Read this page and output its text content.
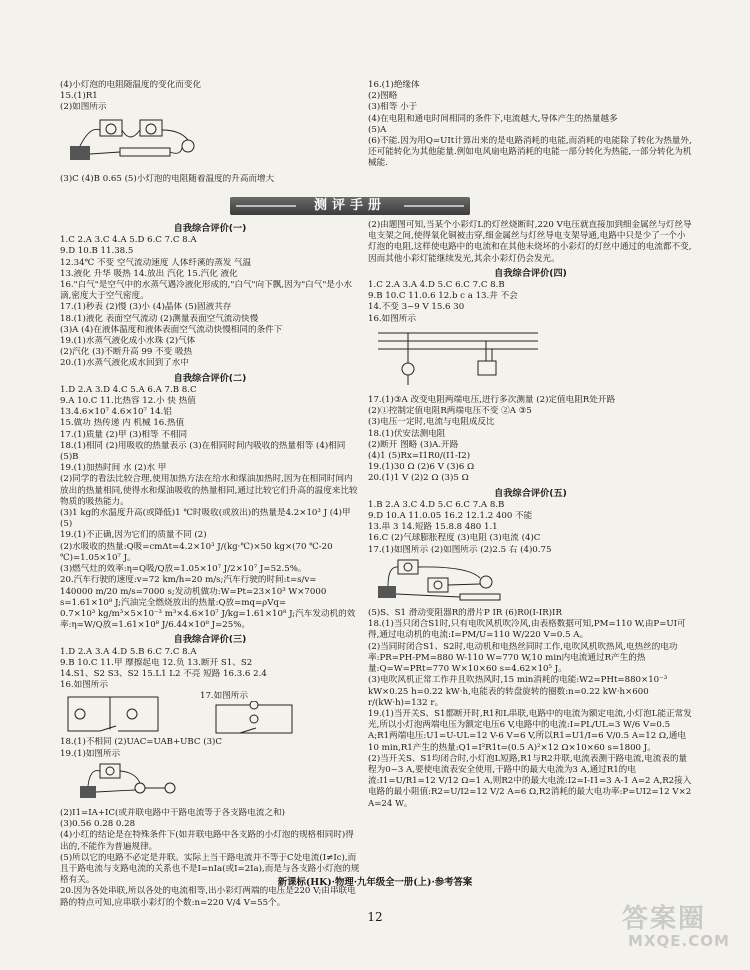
(4)小灯泡的电阻随温度的变化而变化
15.(1)R1
(2)如图所示
(3)C (4)B 0.65 (5)小灯泡的电阻随着温度的升高而增大
16.(1)绝缘体
(2)图略
(3)相等 小于
(4)在电阻和通电时间相同的条件下,电流越大,导体产生的热量越多
(5)A
(6)不能.因为用Q=UIt计算出来的是电路消耗的电能,而消耗的电能除了转化为热量外,还可能转化为其他能量.例如电风扇电路消耗的电能一部分转化为热能,一部分转化为机械能.
测评手册
自我综合评价(一)
1.C 2.A 3.C 4.A 5.D 6.C 7.C 8.A
9.D 10.B 11.38.5
12.34℃ 不变 空气流动速度 人体纤溪的蒸发 气温
13.液化 升华 吸热 14.放出 汽化 15.汽化 液化
16."白气"是空气中的水蒸气遇冷液化形成的,"白气"向下飘,因为"白气"是小水滴,密度大于空气密度。
17.(1)秒表 (2)慢 (3)小 (4)晶体 (5)固液共存
18.(1)液化 表面空气流动 (2)测量表面空气流动快慢
(3)A (4)在液体温度和液体表面空气流动快慢相同的条件下
19.(1)水蒸气液化成小水珠 (2)气体
(2)汽化 (3)不断升高 99 不变 吸热
20.(1)水蒸气液化成水回到了水中
自我综合评价(二)
1.D 2.A 3.D 4.C 5.A 6.A 7.B 8.C
9.A 10.C 11.比热容 12.小 快 热值
13.4.6×10⁷ 4.6×10⁷ 14.铝
15.做功 热传递 内 机械 16.热值
17.(1)质量 (2)甲 (3)相等 不相同
18.(1)相同 (2)用吸收的热量表示 (3)在相同时间内吸收的热量相等 (4)相同 (5)B
19.(1)加热时间 水 (2)水 甲
(2)同学的看法比较合理,使用加热方法在给水和煤油加热时,因为在相同时间内放出的热量相同,使得水和煤油吸收的热量相同,通过比较它们升高的温度来比较物质的吸热能力。
(3)1 kg的水温度升高(或降低)1 ℃时吸收(或放出)的热量是4.2×10³ J (4)甲 (5)
19.(1)不正确,因为它们的质量不同 (2)
(2)水吸收的热量:Q吸=cmΔt=4.2×10³ J/(kg·℃)×50 kg×(70 ℃-20 ℃)=1.05×10⁷ J。
(3)燃气灶的效率:η=Q吸/Q放=1.05×10⁷ J/2×10⁷ J=52.5%。
20.汽车行驶的速度:v=72 km/h=20 m/s;汽车行驶的时间:t=s/v=
140000 m/20 m/s=7000 s;发动机做功:W=Pt=23×10³ W×7000 s=1.61×10⁸ J;汽油完全燃烧放出的热量:Q放=mq=ρVq=
0.7×10³ kg/m³×5×10⁻³ m³×4.6×10⁷ J/kg=1.61×10⁸ J;汽车发动机的效率:η=W/Q放=1.61×10⁸ J/6.44×10⁸ J=25%。
自我综合评价(三)
1.D 2.A 3.A 4.D 5.B 6.C 7.C 8.A
9.B 10.C 11.甲 摩擦起电 12.负 13.断开 S1、S2
14.S1、S2 S3、S2 15.L1 L2 不亮 短路 16.3.6 2.4
16.如图所示
17.如图所示
18.(1)不相同 (2)UAC=UAB+UBC (3)C
19.(1)如图所示
(2)I1=IA+IC(或并联电路中干路电流等于各支路电流之和)
(3)0.56 0.28 0.28
(4)小红的结论是在特殊条件下(如并联电路中各支路的小灯泡的规格相同时)得出的,不能作为普遍规律。
(5)所以它的电路不必定是并联。实际上当干路电流并不等于C处电流(I≠Ic),而且干路电流与支路电流的关系也不是I=nIa(或I=2Ia),而是与各支路小灯泡的规格有关。
20.因为各处串联,所以各处的电流相等,出小彩灯两端的电压是220 V;由串联电路的特点可知,应串联小彩灯的个数:n=220 V/4 V=55个。
(2)由题图可知,当某个小彩灯L的灯丝烧断时,220 V电压就直接加到细金属丝与灯丝导电支架之间,使得氧化铜被击穿,细金属丝与灯丝导电支架导通,电路中只是少了一个小灯泡的电阻,这样使电路中的电流和在其他未烧坏的小彩灯的灯丝中通过的电流都不变,因而其他小彩灯能继续发光,其余小彩灯仍会发光。
自我综合评价(四)
1.C 2.A 3.A 4.D 5.C 6.C 7.C 8.B
9.B 10.C 11.0.6 12.b c a 13.并 不会
14.不变 3~9 V 15.6 30
16.如图所示
17.(1)③A 改变电阻两端电压,进行多次测量 (2)定值电阻R处开路
(2)①控制定值电阻R两端电压不变 ②A ③5
(3)电压一定时,电流与电阻成反比
18.(1)伏安法测电阻
(2)断开 图略 (3)A.开路
(4)1 (5)Rx=I1R0/(I1-I2)
19.(1)30 Ω (2)6 V (3)6 Ω
20.(1)1 V (2)2 Ω (3)5 Ω
自我综合评价(五)
1.B 2.A 3.C 4.D 5.C 6.C 7.A 8.B
9.D 10.A 11.0.05 16.2 12.1.2 400 不能
13.串 3 14.短路 15.8.8 480 1.1
16.C (2)气球膨胀程度 (3)电阻 (3)电流 (4)C
17.(1)如图所示 (2)如图所示 (2)2.5 右 (4)0.75
(5)S、S1 滑动变阻器R的滑片P IR (6)R0(I-IR)IR
18.(1)当只闭合S1时,只有电吹风机吹冷风,由表格数据可知,PM=110 W,由P=UI可得,通过电动机的电流:I=PM/U=110 W/220 V=0.5 A。
(2)当同时闭合S1、S2时,电动机和电热丝同时工作,电吹风机吹热风,电热丝的电功率:PR=PH-PM=880 W-110 W=770 W,10 min内电流通过R产生的热量:Q=W=PRt=770 W×10×60 s=4.62×10⁵ J。
(3)电吹风机正常工作并且吹热风时,15 min消耗的电能:W2=PHt=880×10⁻³ kW×0.25 h=0.22 kW·h,电能表的转盘旋转的圈数:n=0.22 kW·h×600 r/(kW·h)=132 r。
19.(1)当开关S、S1都断开时,R1和L串联,电路中的电流为额定电流,小灯泡L能正常发光,所以小灯泡两端电压为额定电压6 V,电路中的电流:I=PL/UL=3 W/6 V=0.5 A;R1两端电压:U1=U-UL=12 V-6 V=6 V,所以R1=U1/I=6 V/0.5 A=12 Ω,通电10 min,R1产生的热量:Q1=I²R1t=(0.5 A)²×12 Ω×10×60 s=1800 J。
(2)当开关S、S1均闭合时,小灯泡L短路,R1与R2并联,电流表测干路电流,电流表的量程为0~3 A,要使电流表安全使用,干路中的最大电流为3 A,通过R1的电流:I1=U/R1=12 V/12 Ω=1 A,则R2中的最大电流:I2=I-I1=3 A-1 A=2 A,R2接入电路的最小阻值:R2=U/I2=12 V/2 A=6 Ω,R2消耗的最大电功率:P=UI2=12 V×2 A=24 W。
新课标(HK)·物理·九年级全一册(上)·参考答案
12	答案圈
MXQE.COM
